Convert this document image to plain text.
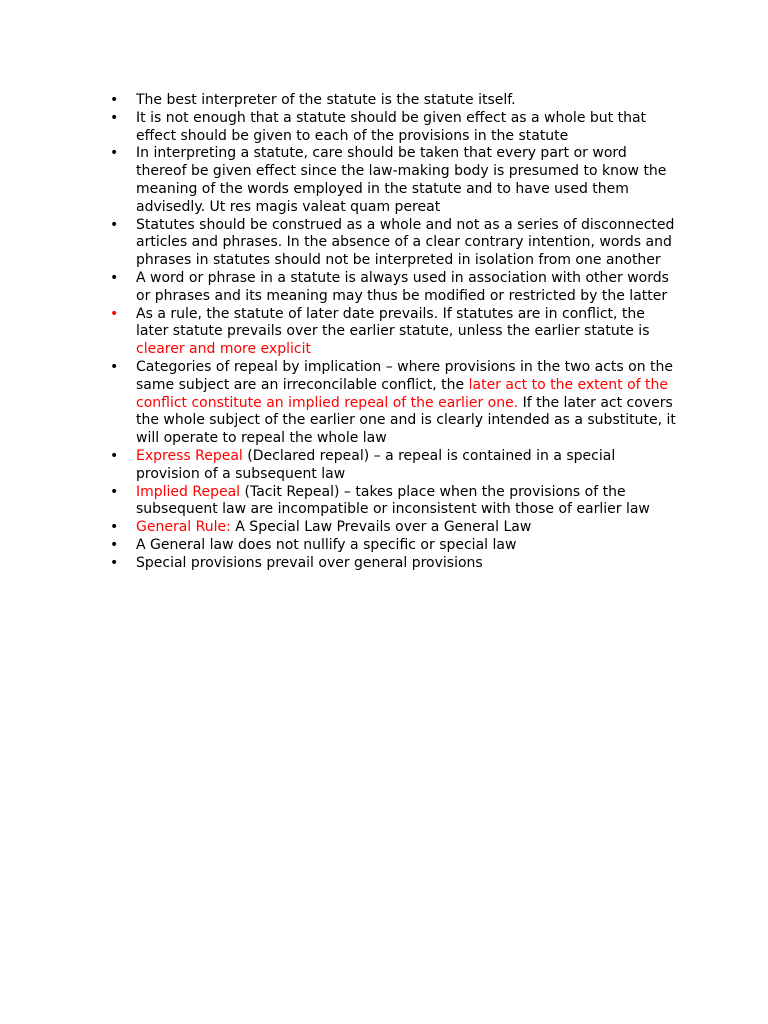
• The best interpreter of the statute is the statute itself.
• It is not enough that a statute should be given effect as a whole but that effect should be given to each of the provisions in the statute
• In interpreting a statute, care should be taken that every part or word thereof be given effect since the law-making body is presumed to know the meaning of the words employed in the statute and to have used them advisedly. Ut res magis valeat quam pereat
• Statutes should be construed as a whole and not as a series of disconnected articles and phrases. In the absence of a clear contrary intention, words and phrases in statutes should not be interpreted in isolation from one another
• A word or phrase in a statute is always used in association with other words or phrases and its meaning may thus be modified or restricted by the latter
• As a rule, the statute of later date prevails. If statutes are in conflict, the later statute prevails over the earlier statute, unless the earlier statute is clearer and more explicit
• Categories of repeal by implication – where provisions in the two acts on the same subject are an irreconcilable conflict, the later act to the extent of the conflict constitute an implied repeal of the earlier one. If the later act covers the whole subject of the earlier one and is clearly intended as a substitute, it will operate to repeal the whole law
• Express Repeal (Declared repeal) – a repeal is contained in a special provision of a subsequent law
• Implied Repeal (Tacit Repeal) – takes place when the provisions of the subsequent law are incompatible or inconsistent with those of earlier law
• General Rule: A Special Law Prevails over a General Law
• A General law does not nullify a specific or special law
• Special provisions prevail over general provisions
